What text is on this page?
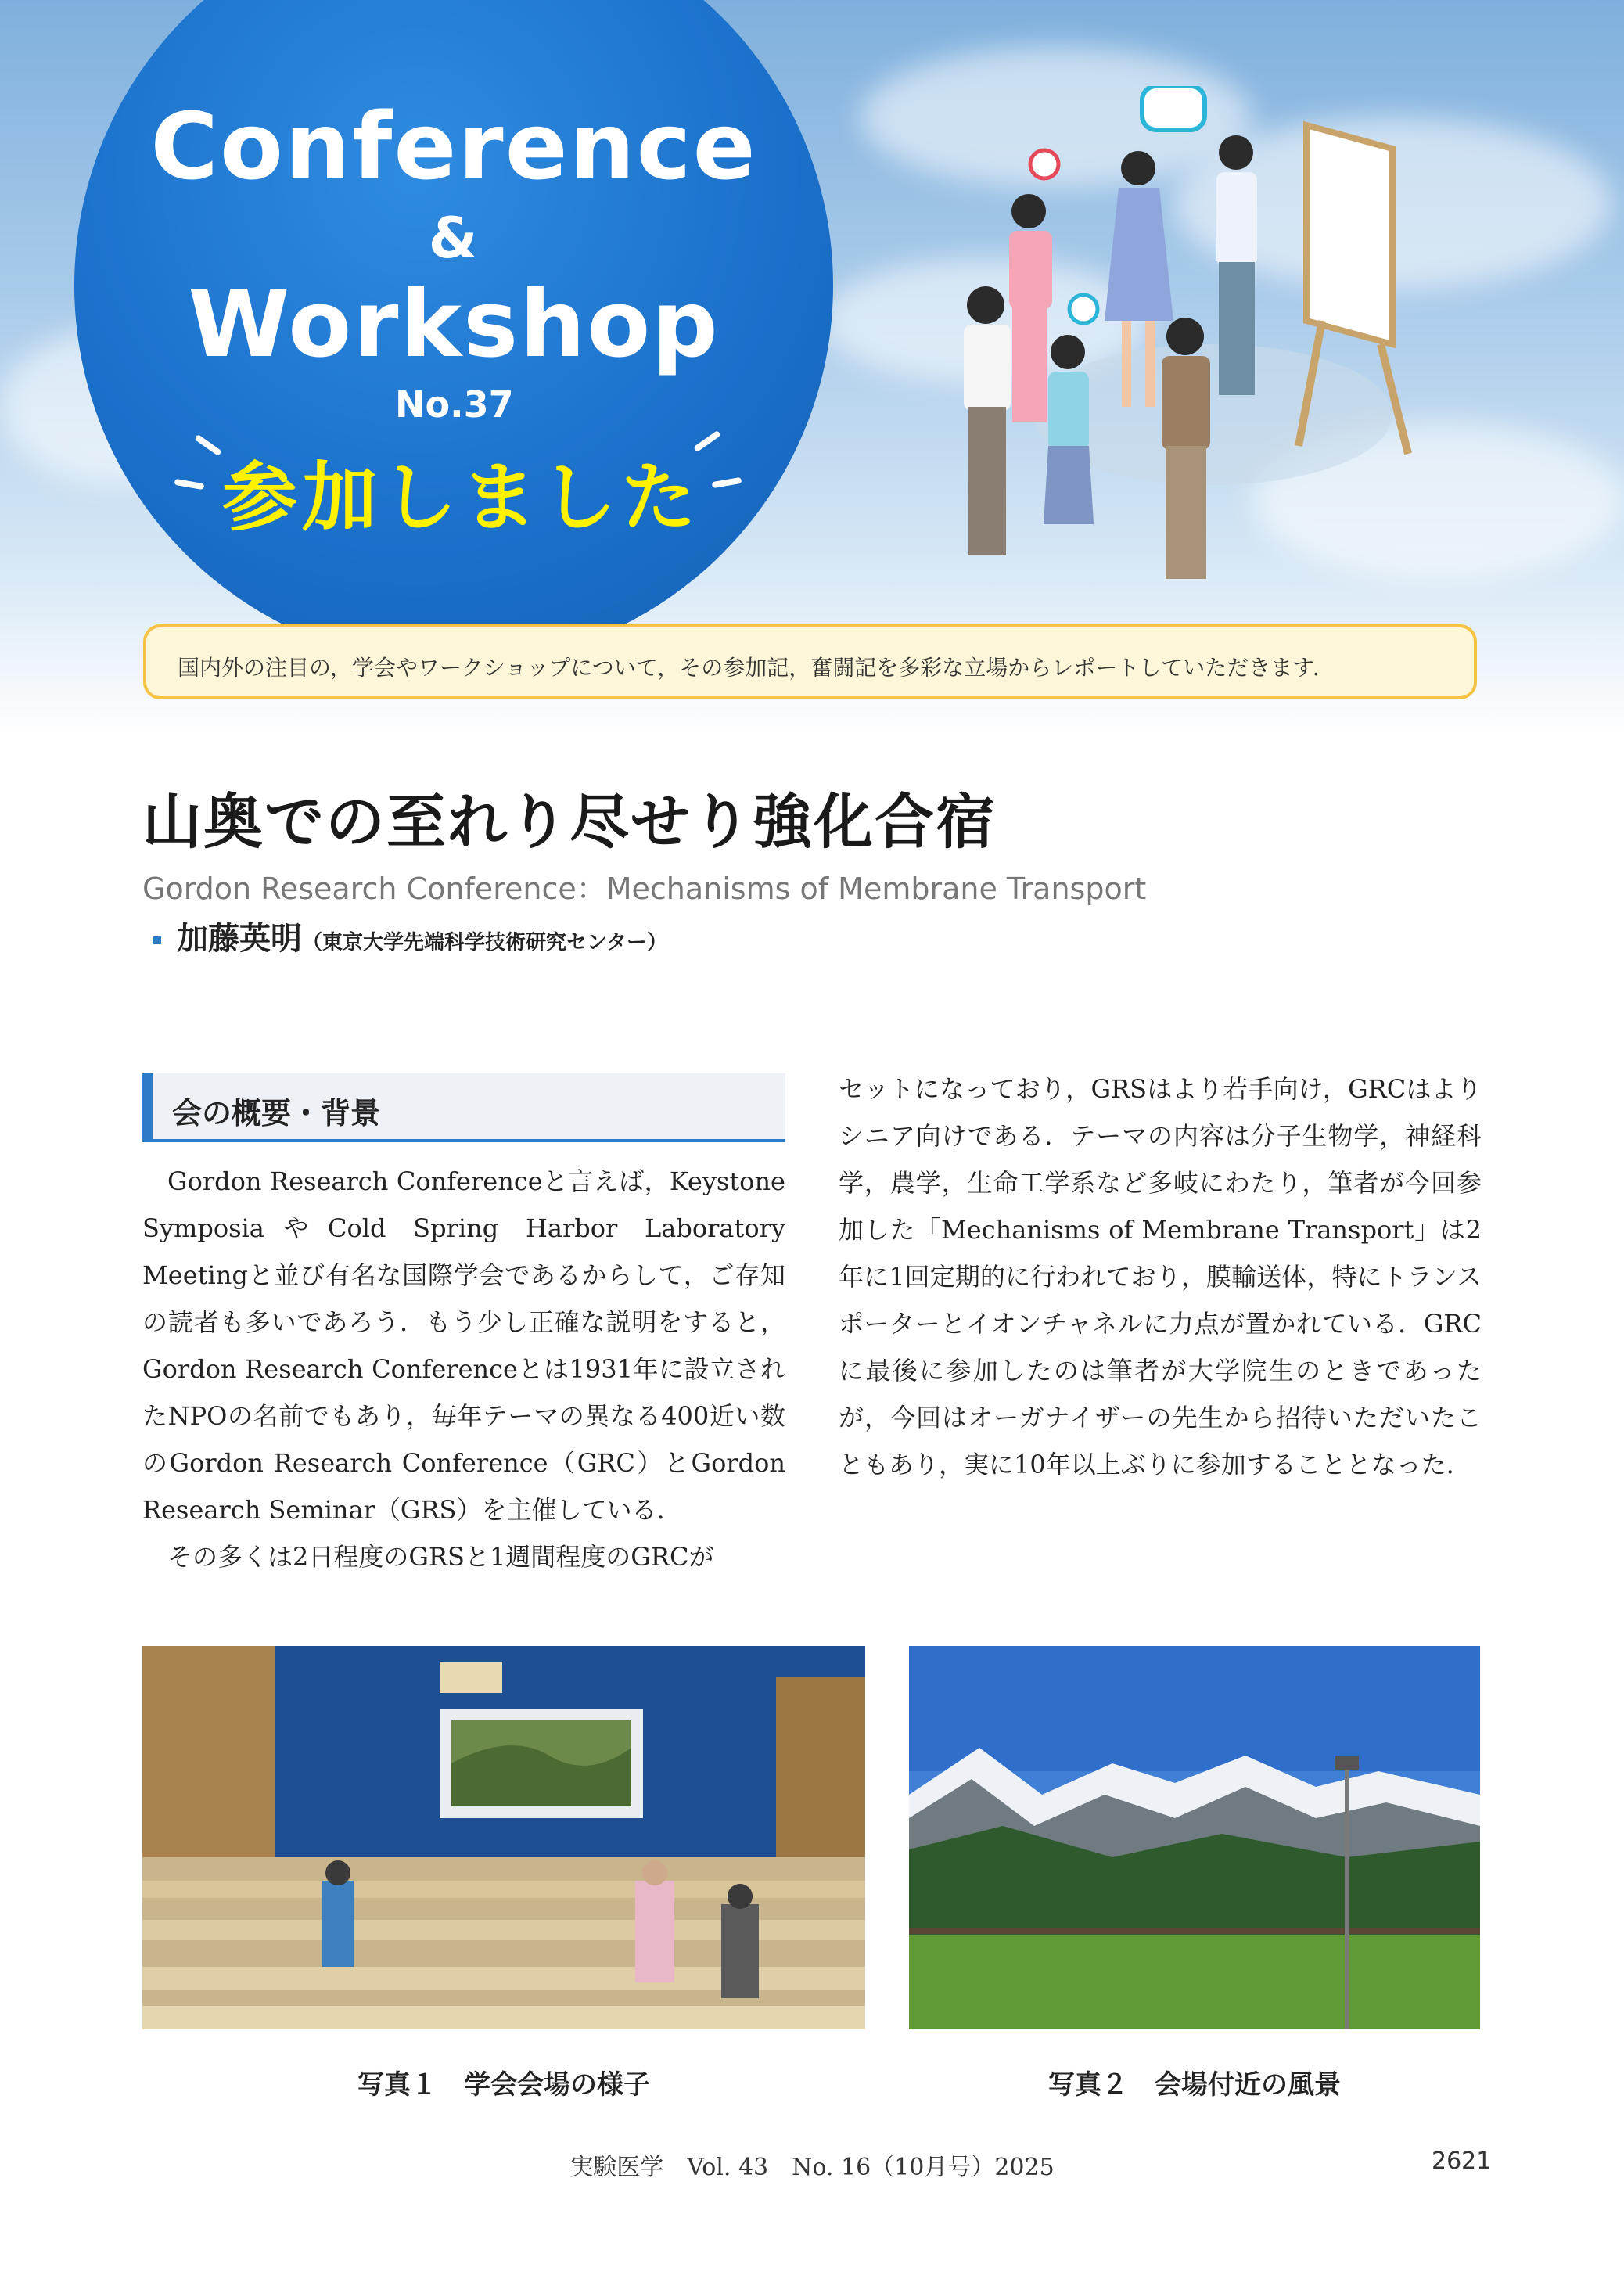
Conference
&
Workshop
No.37
参加しました
国内外の注目の，学会やワークショップについて，その参加記，奮闘記を多彩な立場からレポートしていただきます．
山奥での至れり尽せり強化合宿
Gordon Research Conference：Mechanisms of Membrane Transport
加藤英明（東京大学先端科学技術研究センター）
会の概要・背景

Gordon Research Conferenceと言えば，Keystone SymposiaやCold Spring Harbor Laboratory Meetingと並び有名な国際学会であるからして，ご存知の読者も多いであろう．もう少し正確な説明をすると，Gordon Research Conferenceとは1931年に設立されたNPOの名前でもあり，毎年テーマの異なる400近い数のGordon Research Conference（GRC）とGordon Research Seminar（GRS）を主催している．

その多くは2日程度のGRSと1週間程度のGRCが

セットになっており，GRSはより若手向け，GRCはよりシニア向けである．テーマの内容は分子生物学，神経科学，農学，生命工学系など多岐にわたり，筆者が今回参加した「Mechanisms of Membrane Transport」は2年に1回定期的に行われており，膜輸送体，特にトランスポーターとイオンチャネルに力点が置かれている．GRCに最後に参加したのは筆者が大学院生のときであったが，今回はオーガナイザーの先生から招待いただいたこともあり，実に10年以上ぶりに参加することとなった．

写真１　学会会場の様子	写真２　会場付近の風景
実験医学　Vol. 43　No. 16（10月号）2025	2621
